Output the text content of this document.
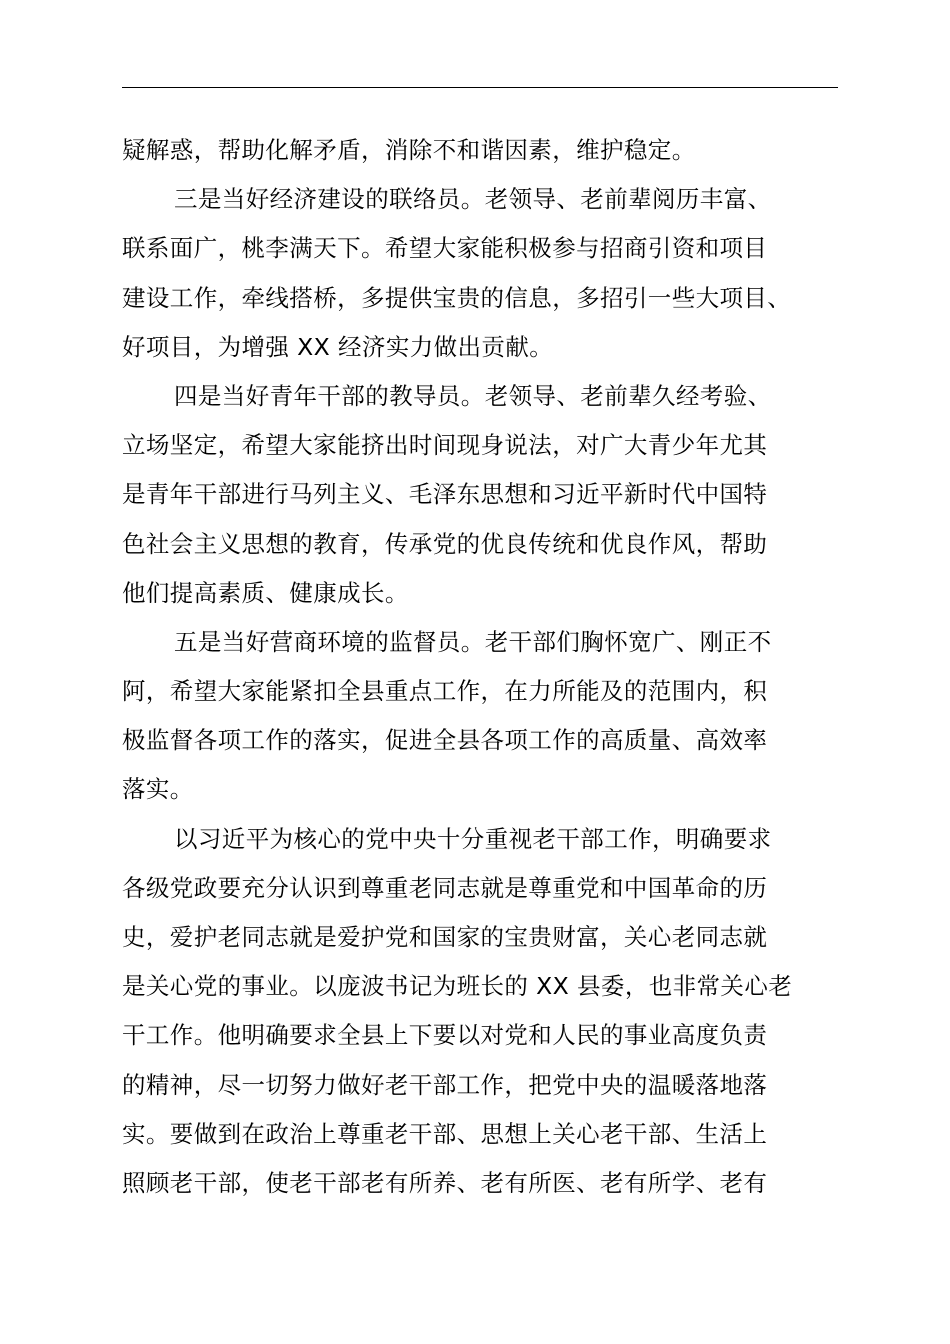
疑解惑，帮助化解矛盾，消除不和谐因素，维护稳定。
三是当好经济建设的联络员。老领导、老前辈阅历丰富、
联系面广，桃李满天下。希望大家能积极参与招商引资和项目
建设工作，牵线搭桥，多提供宝贵的信息，多招引一些大项目、
好项目，为增强 XX 经济实力做出贡献。
四是当好青年干部的教导员。老领导、老前辈久经考验、
立场坚定，希望大家能挤出时间现身说法，对广大青少年尤其
是青年干部进行马列主义、毛泽东思想和习近平新时代中国特
色社会主义思想的教育，传承党的优良传统和优良作风，帮助
他们提高素质、健康成长。
五是当好营商环境的监督员。老干部们胸怀宽广、刚正不
阿，希望大家能紧扣全县重点工作，在力所能及的范围内，积
极监督各项工作的落实，促进全县各项工作的高质量、高效率
落实。
以习近平为核心的党中央十分重视老干部工作，明确要求
各级党政要充分认识到尊重老同志就是尊重党和中国革命的历
史，爱护老同志就是爱护党和国家的宝贵财富，关心老同志就
是关心党的事业。以庞波书记为班长的 XX 县委，也非常关心老
干工作。他明确要求全县上下要以对党和人民的事业高度负责
的精神，尽一切努力做好老干部工作，把党中央的温暖落地落
实。要做到在政治上尊重老干部、思想上关心老干部、生活上
照顾老干部，使老干部老有所养、老有所医、老有所学、老有
